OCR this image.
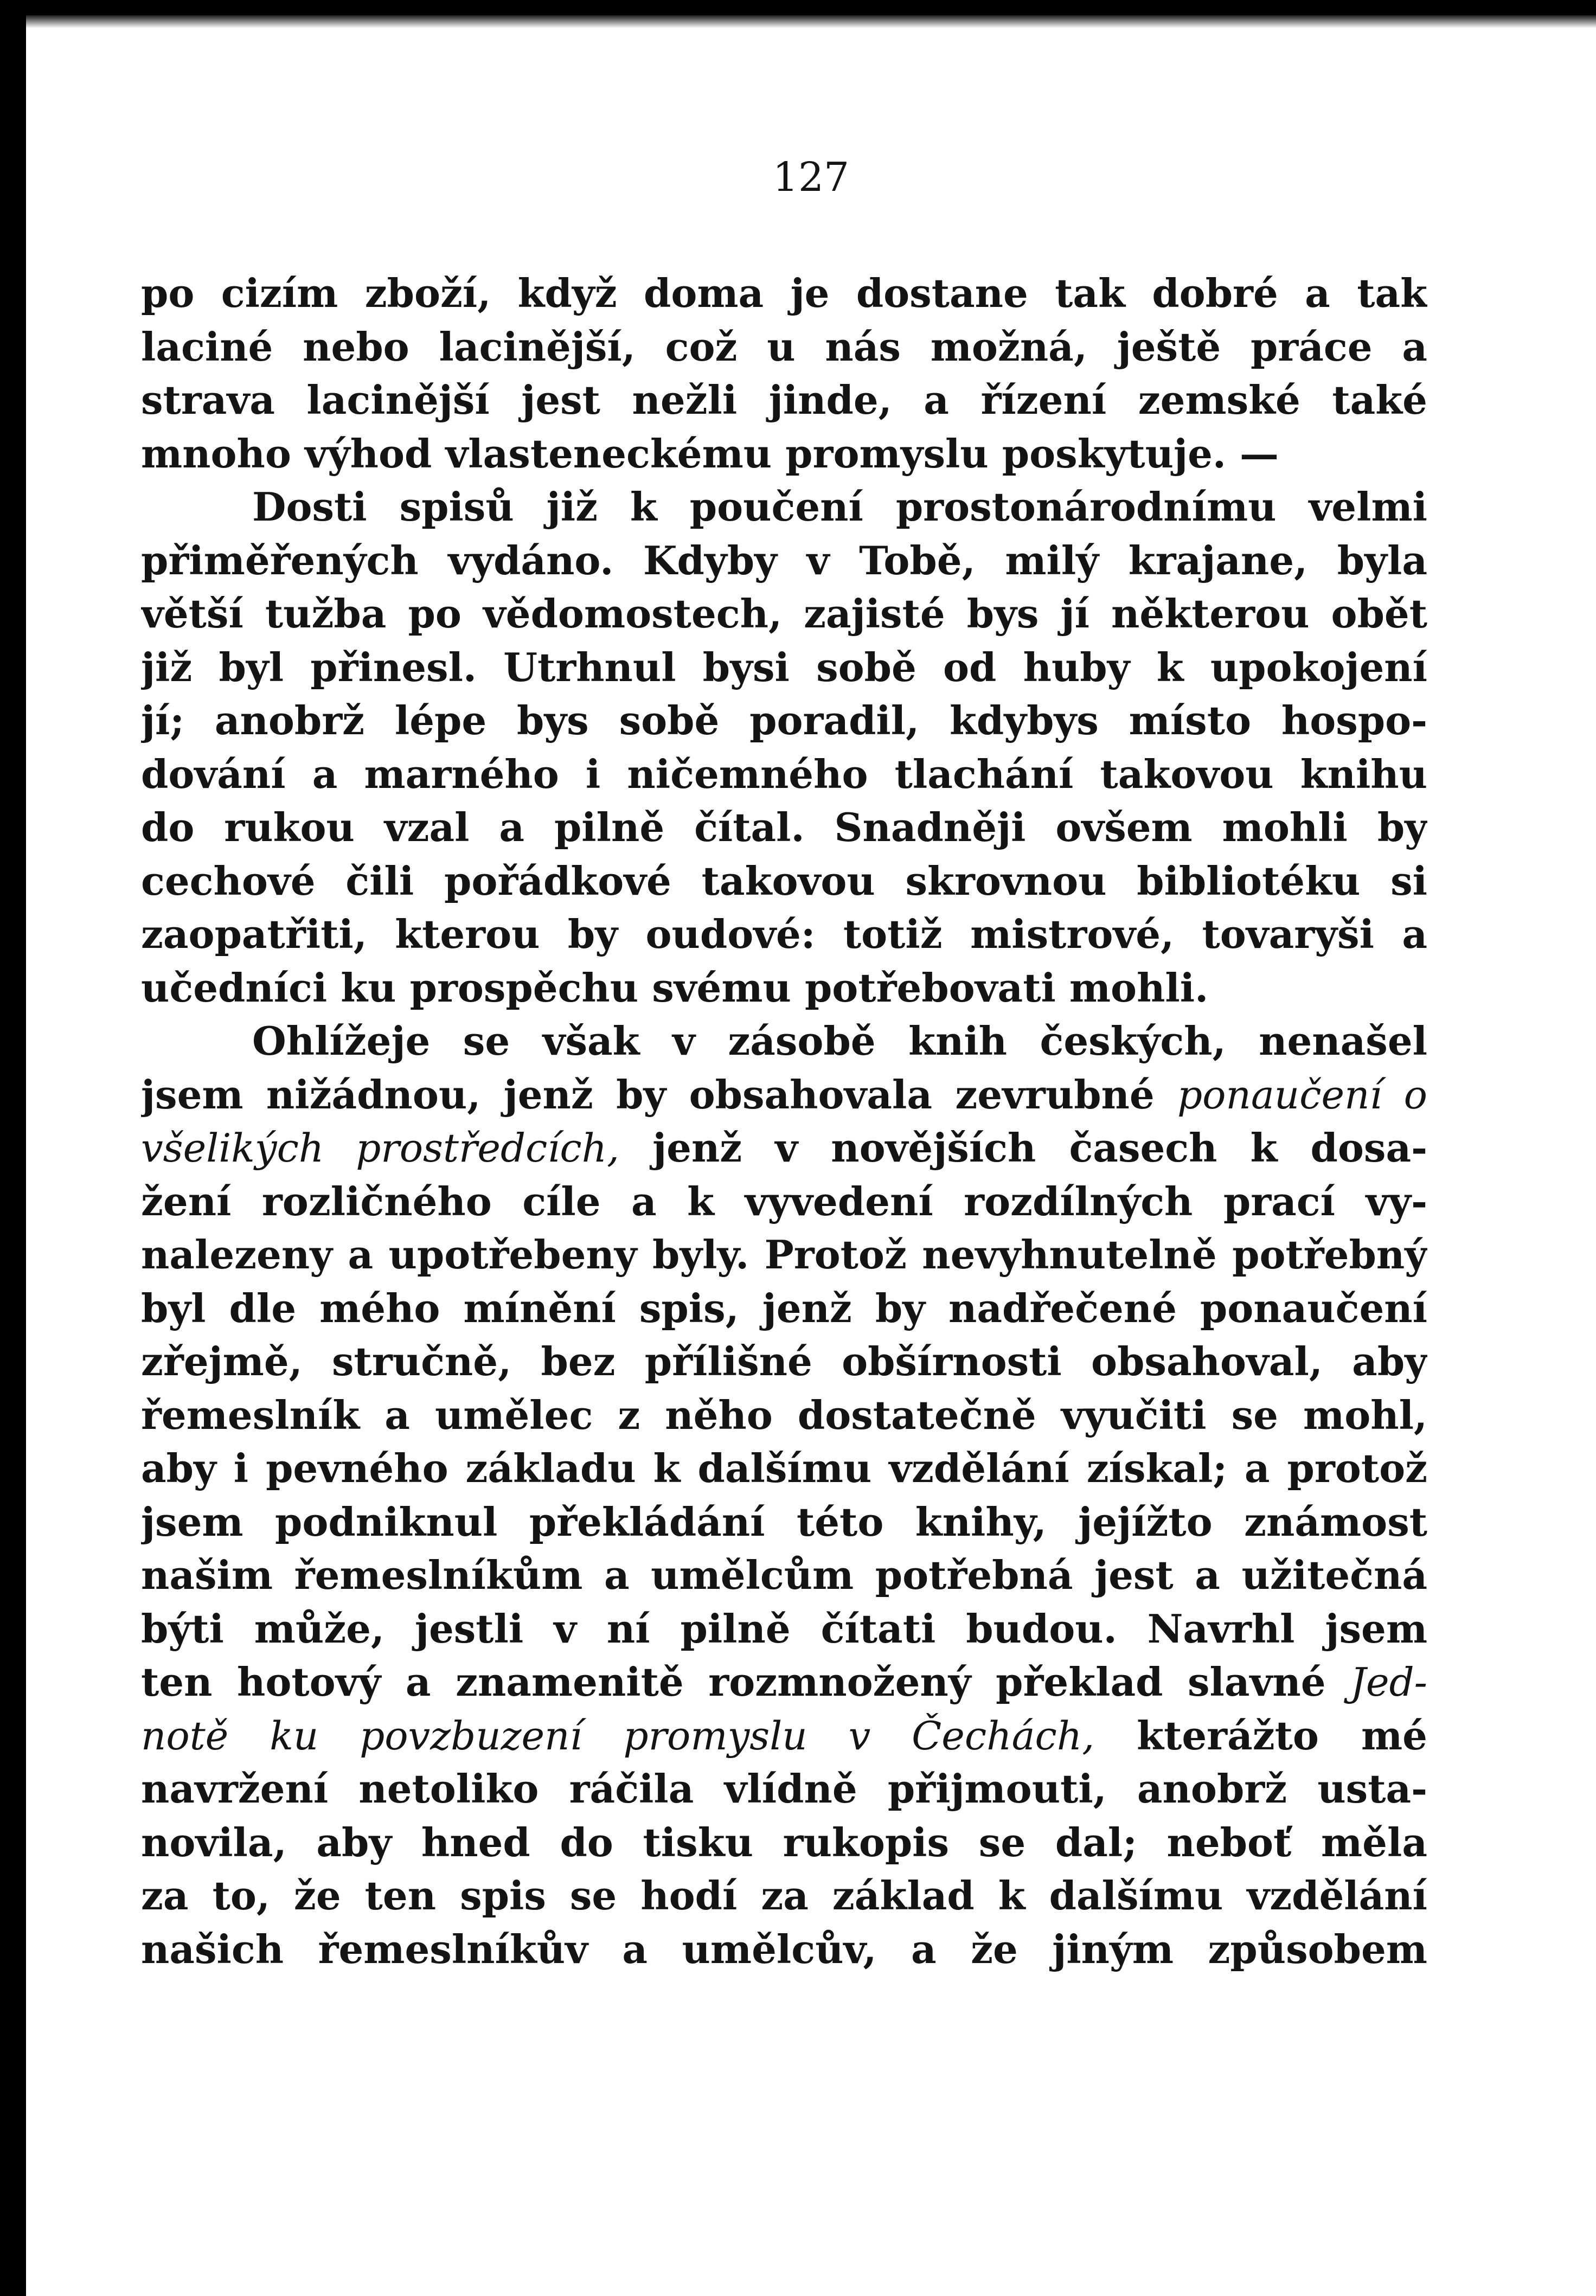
127
po cizím zboží, když doma je dostane tak dobré a tak
laciné nebo lacinější, což u nás možná, ještě práce a
strava lacinější jest nežli jinde, a řízení zemské také
mnoho výhod vlasteneckému promyslu poskytuje. —
Dosti spisů již k poučení prostonárodnímu velmi
přiměřených vydáno. Kdyby v Tobě, milý krajane, byla
větší tužba po vědomostech, zajisté bys jí některou obět
již byl přinesl. Utrhnul bysi sobě od huby k upokojení
jí; anobrž lépe bys sobě poradil, kdybys místo hospo-
dování a marného i ničemného tlachání takovou knihu
do rukou vzal a pilně čítal. Snadněji ovšem mohli by
cechové čili pořádkové takovou skrovnou bibliotéku si
zaopatřiti, kterou by oudové: totiž mistrové, tovaryši a
učedníci ku prospěchu svému potřebovati mohli.
Ohlížeje se však v zásobě knih českých, nenašel
jsem nižádnou, jenž by obsahovala zevrubné ponaučení o
všelikých prostředcích, jenž v novějších časech k dosa-
žení rozličného cíle a k vyvedení rozdílných prací vy-
nalezeny a upotřebeny byly. Protož nevyhnutelně potřebný
byl dle mého mínění spis, jenž by nadřečené ponaučení
zřejmě, stručně, bez přílišné obšírnosti obsahoval, aby
řemeslník a umělec z něho dostatečně vyučiti se mohl,
aby i pevného základu k dalšímu vzdělání získal; a protož
jsem podniknul překládání této knihy, jejížto známost
našim řemeslníkům a umělcům potřebná jest a užitečná
býti může, jestli v ní pilně čítati budou. Navrhl jsem
ten hotový a znamenitě rozmnožený překlad slavné Jed-
notě ku povzbuzení promyslu v Čechách, kterážto mé
navržení netoliko ráčila vlídně přijmouti, anobrž usta-
novila, aby hned do tisku rukopis se dal; neboť měla
za to, že ten spis se hodí za základ k dalšímu vzdělání
našich řemeslníkův a umělcův, a že jiným způsobem
